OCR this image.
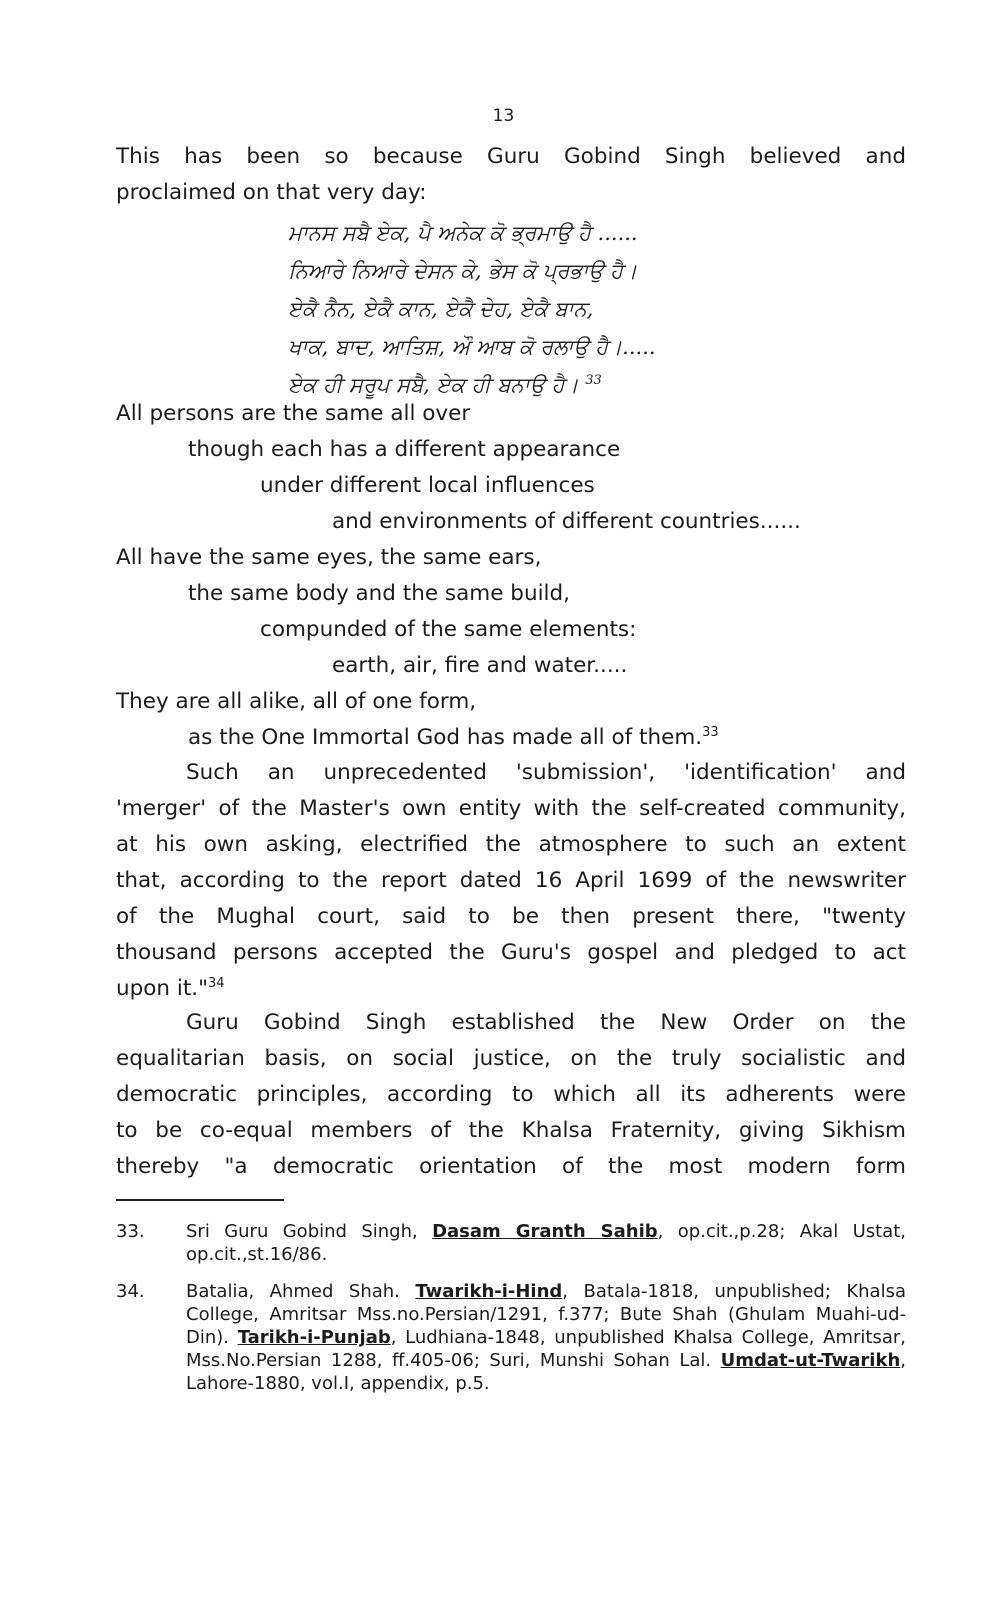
13
This has been so because Guru Gobind Singh believed and
proclaimed on that very day:
ਮਾਨਸ ਸਬੈ ਏਕ, ਪੈ ਅਨੇਕ ਕੋ ਭ੍ਰਮਾਉ ਹੈ ......
ਨਿਆਰੇ ਨਿਆਰੇ ਦੇਸਨ ਕੇ, ਭੇਸ ਕੋ ਪ੍ਰਭਾਉ ਹੈ।
ਏਕੈ ਨੈਨ, ਏਕੈ ਕਾਨ, ਏਕੈ ਦੇਹ, ਏਕੈ ਬਾਨ,
ਖਾਕ, ਬਾਦ, ਆਤਿਸ਼, ਔ ਆਬ ਕੋ ਰਲਾਉ ਹੈ।.....
ਏਕ ਹੀ ਸਰੂਪ ਸਬੈ, ਏਕ ਹੀ ਬਨਾਉ ਹੈ। $^{33}$
All persons are the same all over
though each has a different appearance
under different local influences
and environments of different countries......
All have the same eyes, the same ears,
the same body and the same build,
compunded of the same elements:
earth, air, fire and water.....
They are all alike, all of one form,
as the One Immortal God has made all of them.$^{33}$
Such an unprecedented 'submission', 'identification' and
'merger' of the Master's own entity with the self-created community,
at his own asking, electrified the atmosphere to such an extent
that, according to the report dated 16 April 1699 of the newswriter
of the Mughal court, said to be then present there, "twenty
thousand persons accepted the Guru's gospel and pledged to act
upon it."$^{34}$
Guru Gobind Singh established the New Order on the
equalitarian basis, on social justice, on the truly socialistic and
democratic principles, according to which all its adherents were
to be co-equal members of the Khalsa Fraternity, giving Sikhism
thereby "a democratic orientation of the most modern form
33. Sri Guru Gobind Singh, Dasam Granth Sahib, op.cit.,p.28; Akal Ustat, op.cit.,st.16/86.
34. Batalia, Ahmed Shah. Twarikh-i-Hind, Batala-1818, unpublished; Khalsa College, Amritsar Mss.no.Persian/1291, f.377; Bute Shah (Ghulam Muahi-ud-Din). Tarikh-i-Punjab, Ludhiana-1848, unpublished Khalsa College, Amritsar, Mss.No.Persian 1288, ff.405-06; Suri, Munshi Sohan Lal. Umdat-ut-Twarikh, Lahore-1880, vol.I, appendix, p.5.
